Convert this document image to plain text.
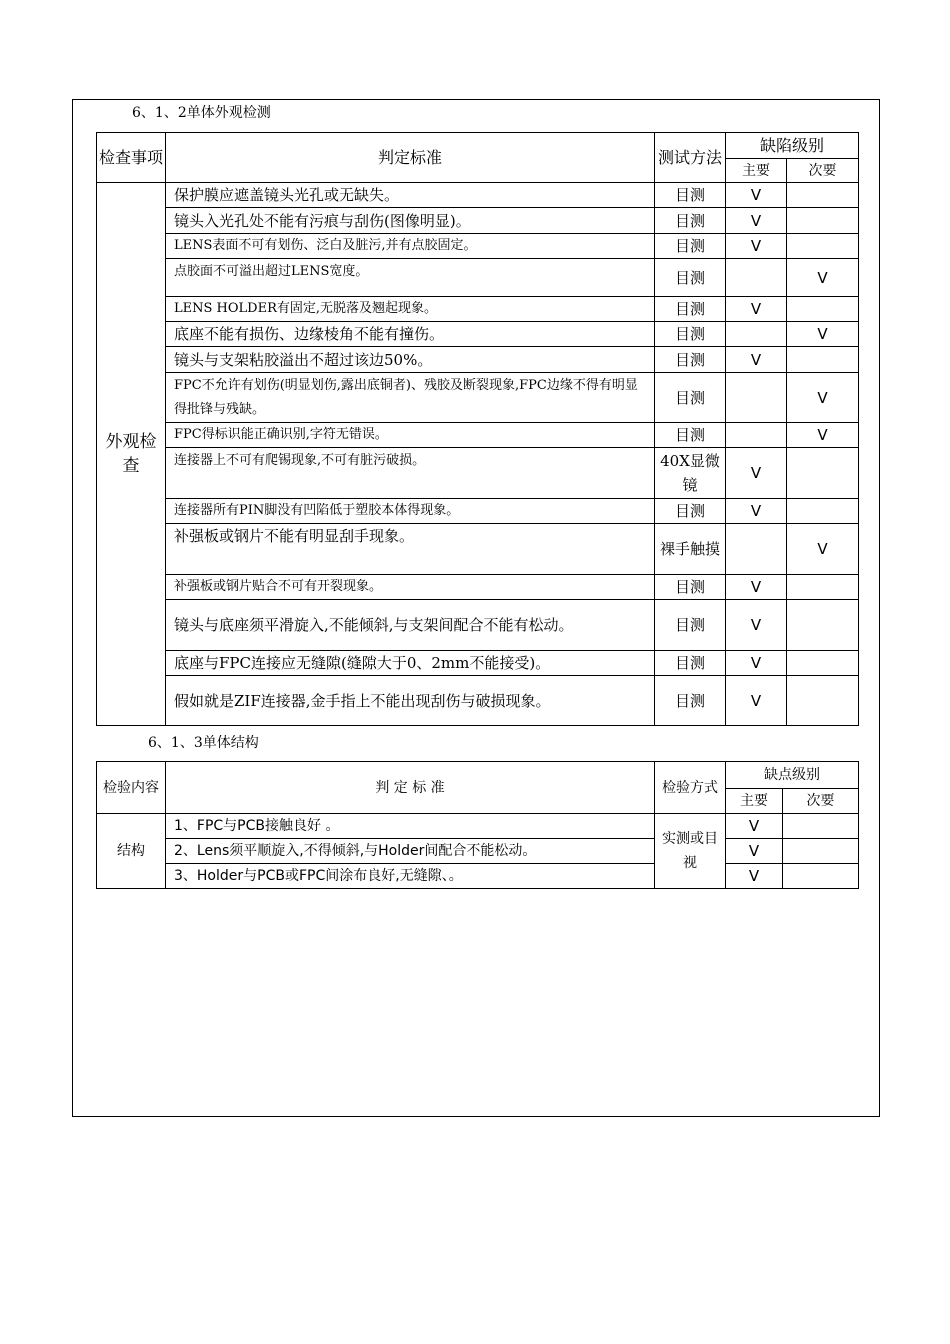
6、1、2单体外观检测
检查事项	判定标准	测试方法	缺陷级别	
			主要	次要
外观检查	保护膜应遮盖镜头光孔或无缺失。	目测	V	
	镜头入光孔处不能有污痕与刮伤(图像明显)。	目测	V	
	LENS表面不可有划伤、泛白及脏污,并有点胶固定。	目测	V	
	点胶面不可溢出超过LENS宽度。	目测		V
	LENS HOLDER有固定,无脱落及翘起现象。	目测	V	
	底座不能有损伤、边缘棱角不能有撞伤。	目测		V
	镜头与支架粘胶溢出不超过该边50%。	目测	V	
	FPC不允许有划伤(明显划伤,露出底铜者)、残胶及断裂现象,FPC边缘不得有明显得批锋与残缺。	目测		V
	FPC得标识能正确识别,字符无错误。	目测		V
	连接器上不可有爬锡现象,不可有脏污破损。	40X显微镜	V	
	连接器所有PIN脚没有凹陷低于塑胶本体得现象。	目测	V	
	补强板或钢片不能有明显刮手现象。	裸手触摸		V
	补强板或钢片贴合不可有开裂现象。	目测	V	
	镜头与底座须平滑旋入,不能倾斜,与支架间配合不能有松动。	目测	V	
	底座与FPC连接应无缝隙(缝隙大于0、2mm不能接受)。	目测	V	
	假如就是ZIF连接器,金手指上不能出现刮伤与破损现象。	目测	V	
6、1、3单体结构
检验内容	判 定 标 准	检验方式	缺点级别	
			主要	次要
结构	1、FPC与PCB接触良好 。	实测或目视	V	
	2、Lens须平顺旋入,不得倾斜,与Holder间配合不能松动。		V	
	3、Holder与PCB或FPC间涂布良好,无缝隙、。		V	
